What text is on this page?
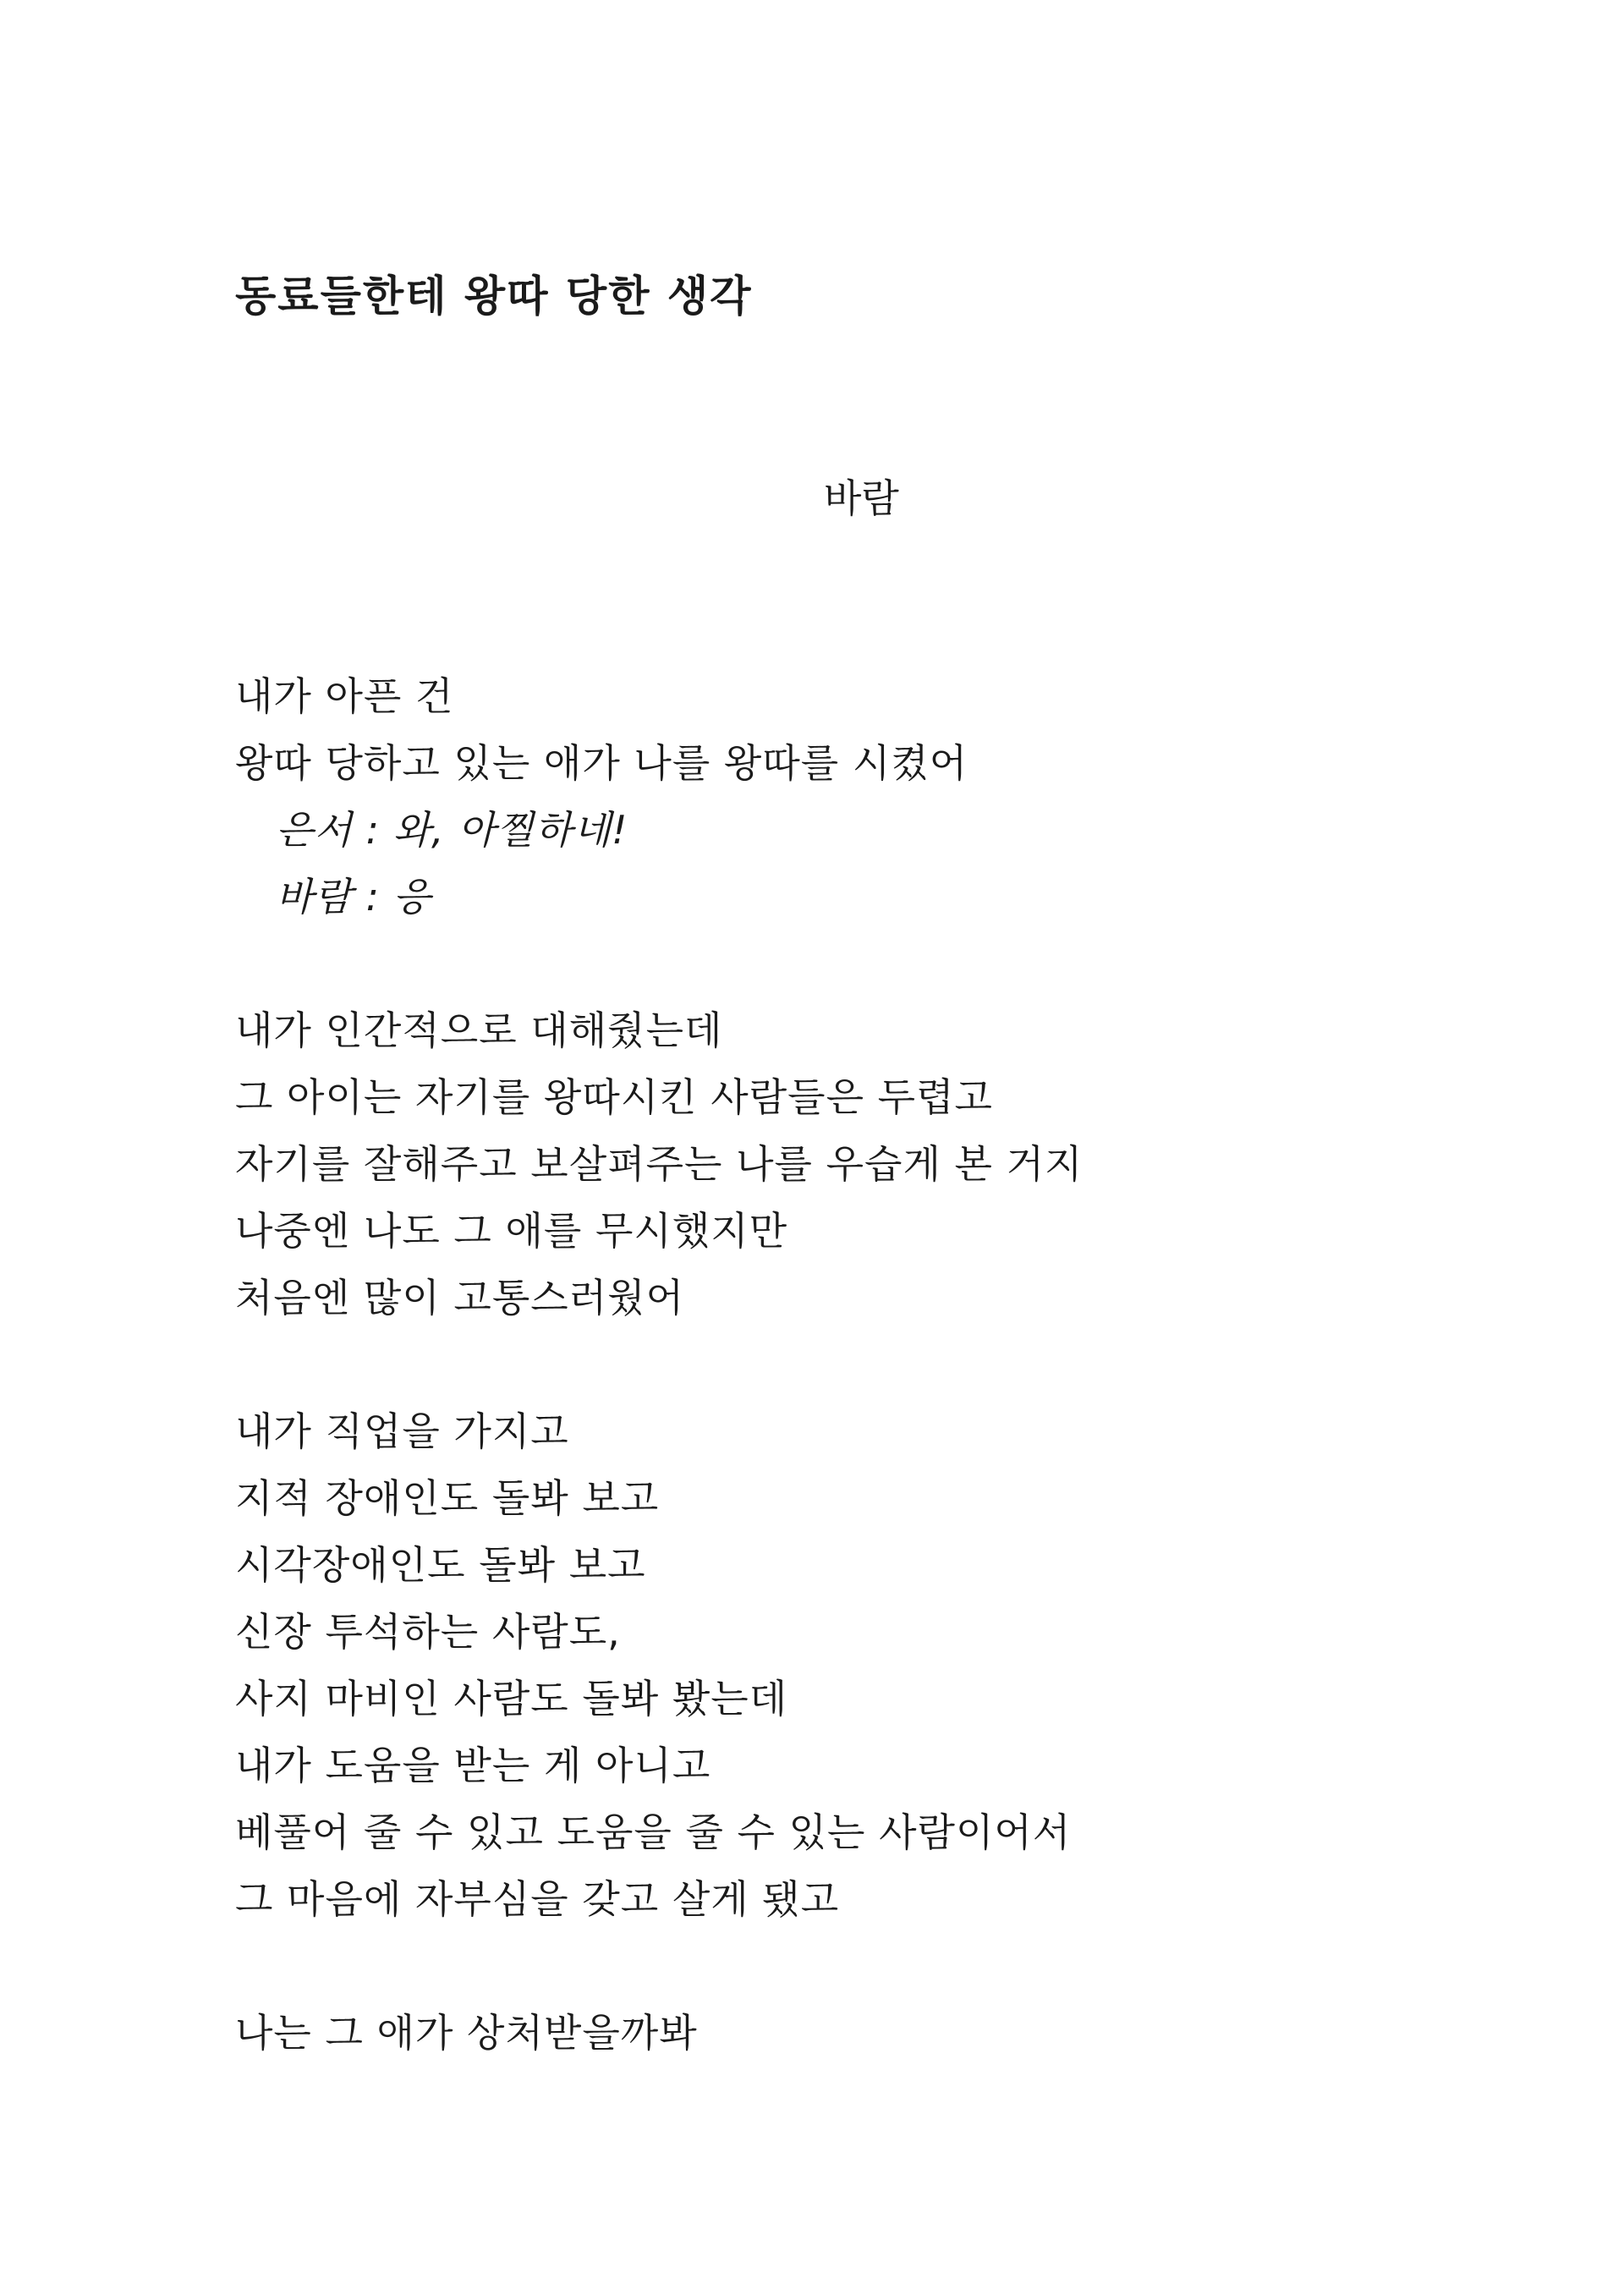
동료들한테 왕따 당한 생각

바람

내가 아픈 건
왕따 당하고 있는 애가 나를 왕따를 시켰어
은서 : 와, 아찔하네!
바람 : 응
내가 인간적으로 대해줬는데
그 아이는 자기를 왕따시킨 사람들은 두렵고
자기를 잘해주고 보살펴주는 나를 우습게 본 거지
나중엔 나도 그 애를 무시했지만
처음엔 많이 고통스러웠어
내가 직업을 가지고
지적 장애인도 돌봐 보고
시각장애인도 돌봐 보고
신장 투석하는 사람도,
사지 마비인 사람도 돌봐 봤는데
내가 도움을 받는 게 아니고
베풀어 줄 수 있고 도움을 줄 수 있는 사람이어서
그 마음에 자부심을 갖고 살게 됐고
나는 그 애가 상처받을까봐
